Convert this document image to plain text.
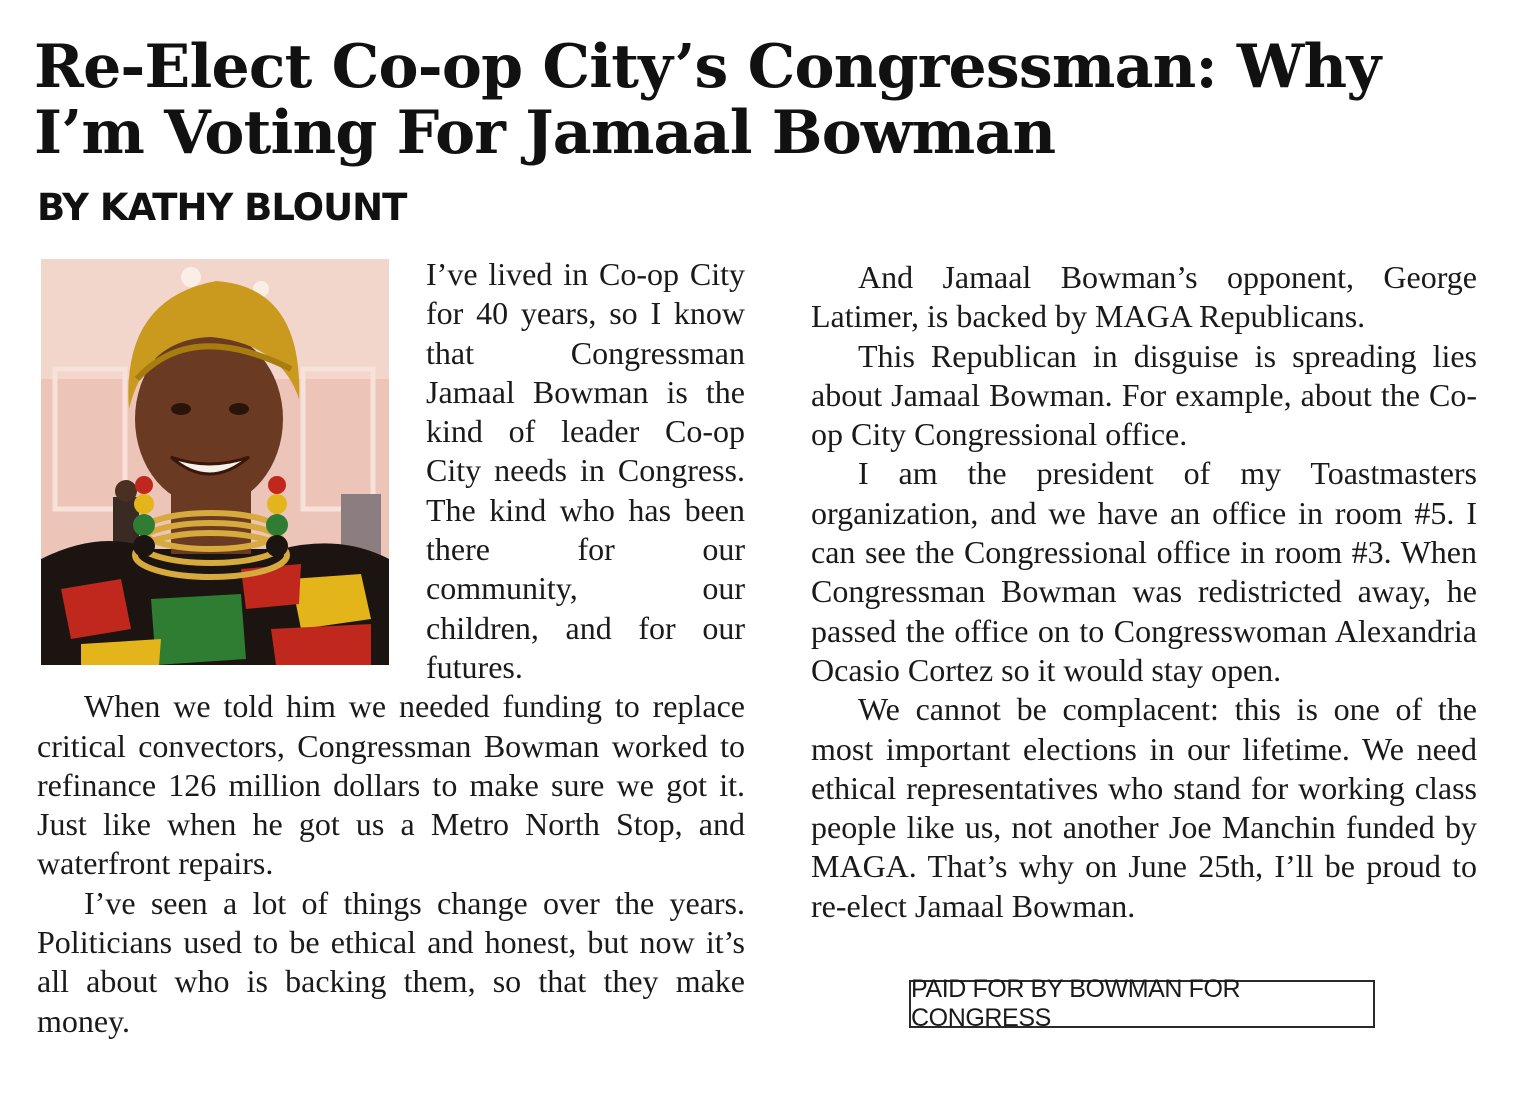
Re-Elect Co-op City’s Congressman: Why I’m Voting For Jamaal Bowman
BY KATHY BLOUNT

I’ve lived in Co-op City for 40 years, so I know that Congressman Jamaal Bowman is the kind of leader Co-op City needs in Congress. The kind who has been there for our community, our children, and for our futures.

When we told him we needed funding to replace critical convectors, Congressman Bowman worked to refinance 126 million dollars to make sure we got it. Just like when he got us a Metro North Stop, and waterfront repairs.

I’ve seen a lot of things change over the years. Politicians used to be ethical and honest, but now it’s all about who is backing them, so that they make money.

And Jamaal Bowman’s opponent, George Latimer, is backed by MAGA Republicans.

This Republican in disguise is spreading lies about Jamaal Bowman. For example, about the Co-op City Congressional office.

I am the president of my Toastmasters organization, and we have an office in room #5. I can see the Congressional office in room #3. When Congressman Bowman was redistricted away, he passed the office on to Congresswoman Alexandria Ocasio Cortez so it would stay open.

We cannot be complacent: this is one of the most important elections in our lifetime. We need ethical representatives who stand for working class people like us, not another Joe Manchin funded by MAGA. That’s why on June 25th, I’ll be proud to re-elect Jamaal Bowman.

PAID FOR BY BOWMAN FOR CONGRESS
